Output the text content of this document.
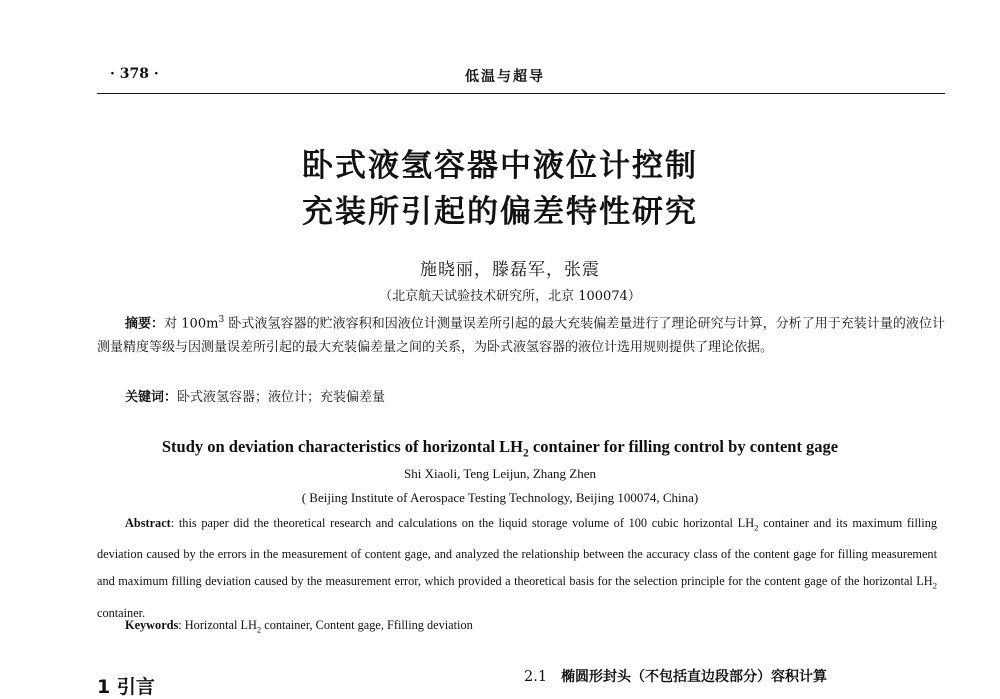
· 378 ·	低温与超导
卧式液氢容器中液位计控制
充装所引起的偏差特性研究
施晓丽，滕磊军，张震
（北京航天试验技术研究所，北京 100074）
摘要：对 $100m^3$ 卧式液氢容器的贮液容积和因液位计测量误差所引起的最大充装偏差量进行了理论研究与计算，分析了用于充装计量的液位计测量精度等级与因测量误差所引起的最大充装偏差量之间的关系，为卧式液氢容器的液位计选用规则提供了理论依据。
关键词：卧式液氢容器；液位计；充装偏差量
Study on deviation characteristics of horizontal $LH_2$ container for filling control by content gage
Shi Xiaoli, Teng Leijun, Zhang Zhen
( Beijing Institute of Aerospace Testing Technology, Beijing 100074, China)
Abstract: this paper did the theoretical research and calculations on the liquid storage volume of 100 cubic horizontal $LH_2$ container and its maximum filling deviation caused by the errors in the measurement of content gage, and analyzed the relationship between the accuracy class of the content gage for filling measurement and maximum filling deviation caused by the measurement error, which provided a theoretical basis for the selection principle for the content gage of the horizontal $LH_2$ container.
Keywords: Horizontal $LH_2$ container, Content gage, Ffilling deviation
1 引言	2.1 椭圆形封头（不包括直边段部分）容积计算
